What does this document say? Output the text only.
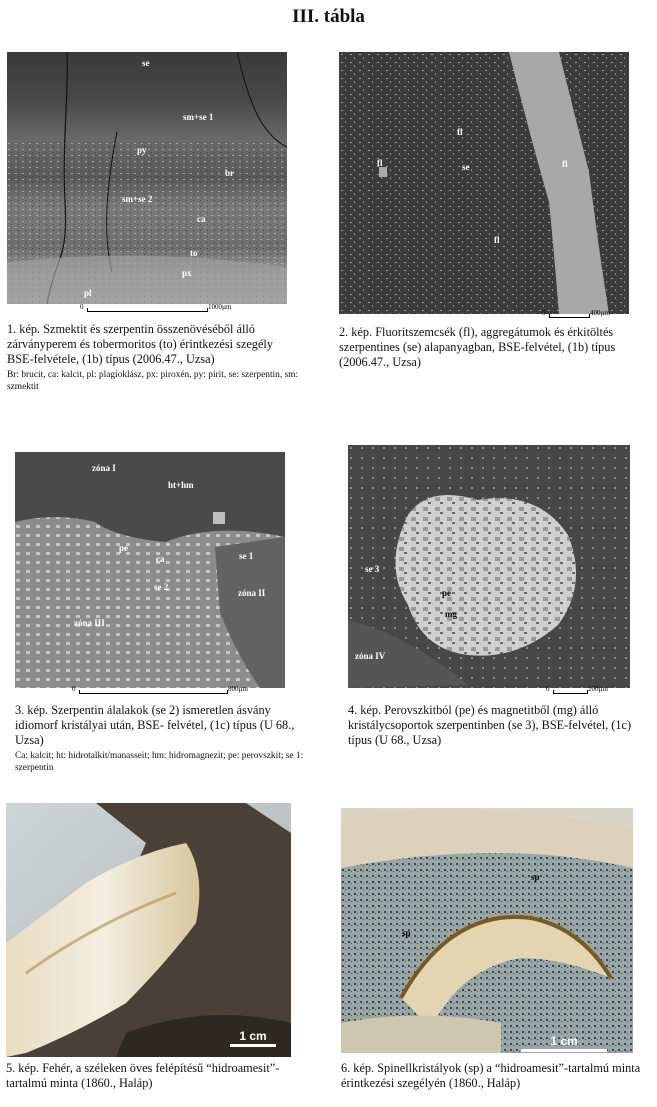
III. tábla
se
sm+se 1
py
br
sm+se 2
ca
to
px
pl
0	1000µm
1. kép. Szmektit és szerpentin összenövéséből álló zárványperem és tobermoritos (to) érintkezési szegély BSE-felvétele, (1b) típus (2006.47., Uzsa)
Br: brucit, ca: kalcit, pl: plagioklász, px: piroxén, py: pirit, se: szerpentin, sm: szmektit
fl
fl	se	fl
fl
0	400µm
2. kép. Fluoritszemcsék (fl), aggregátumok és érkitöltés szerpentines (se) alapanyagban, BSE-felvétel, (1b) típus (2006.47., Uzsa)
zóna I
ht+hm
pe
ca	se 1
se 2
zóna II
zóna III
0	800µm
3. kép. Szerpentin álalakok (se 2) ismeretlen ásvány idiomorf kristályai után, BSE- felvétel, (1c) típus (U 68., Uzsa)
Ca: kalcit; ht: hidrotalkit/manasseit; hm: hidromagnezit; pe: perovszkit; se 1: szerpentin
se 3
pe
mg
zóna IV
0	200µm
4. kép. Perovszkitból (pe) és magnetitből (mg) álló kristálycsoportok szerpentinben (se 3), BSE-felvétel, (1c) típus (U 68., Uzsa)
1 cm
5. kép. Fehér, a széleken öves felépítésű “hidroamesit”-tartalmú minta (1860., Haláp)
sp
sp
1 cm
6. kép. Spinellkristályok (sp) a “hidroamesit”-tartalmú minta érintkezési szegélyén (1860., Haláp)
